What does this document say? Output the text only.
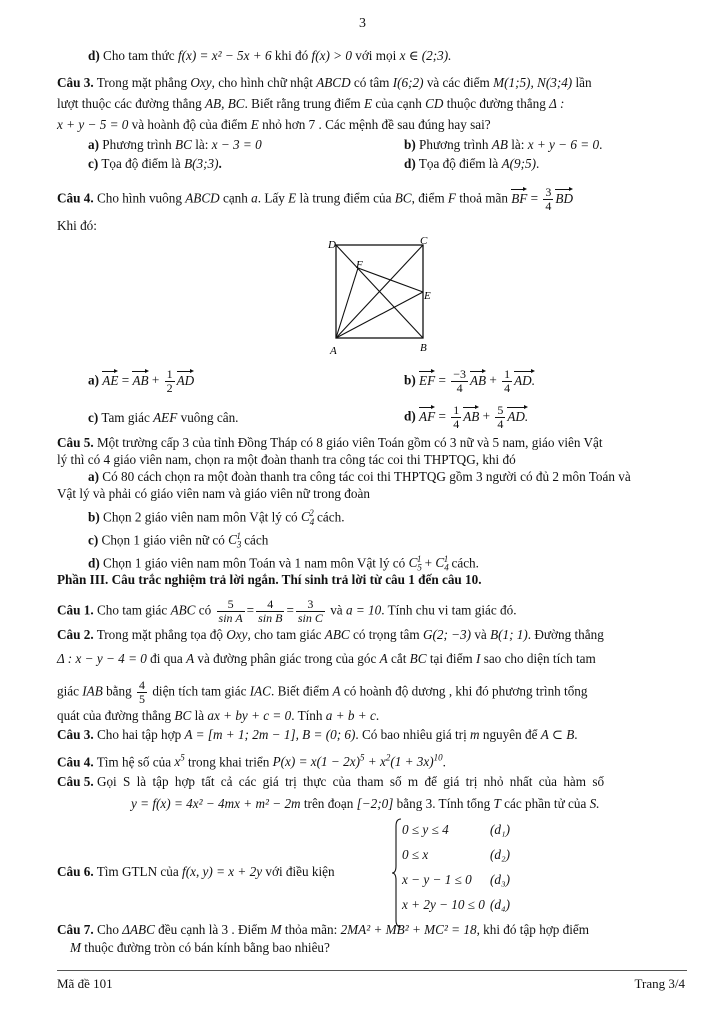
3
d) Cho tam thức f(x) = x² − 5x + 6 khi đó f(x) > 0 với mọi x ∈ (2;3).
Câu 3. Trong mặt phẳng Oxy, cho hình chữ nhật ABCD có tâm I(6;2) và các điểm M(1;5), N(3;4) lần
lượt thuộc các đường thẳng AB, BC. Biết rằng trung điểm E của cạnh CD thuộc đường thẳng Δ :
x + y − 5 = 0 và hoành độ của điểm E nhỏ hơn 7 . Các mệnh đề sau đúng hay sai?
a) Phương trình BC là: x − 3 = 0	b) Phương trình AB là: x + y − 6 = 0.
c) Tọa độ điểm là B(3;3).	d) Tọa độ điểm là A(9;5).
Câu 4. Cho hình vuông ABCD cạnh a. Lấy E là trung điểm của BC, điểm F thoả mãn BF = $\frac{3}{4}$ BD
Khi đó:
D	C
F
E
A	B
a) AE = AB + $\frac{1}{2}$ AD	b) EF = $\frac{-3}{4}$ AB + $\frac{1}{4}$ AD.
c) Tam giác AEF vuông cân.	d) AF = $\frac{1}{4}$ AB + $\frac{5}{4}$ AD.
Câu 5. Một trường cấp 3 của tỉnh Đồng Tháp có 8 giáo viên Toán gồm có 3 nữ và 5 nam, giáo viên Vật
lý thì có 4 giáo viên nam, chọn ra một đoàn thanh tra công tác coi thi THPTQG, khi đó
a) Có 80 cách chọn ra một đoàn thanh tra công tác coi thi THPTQG gồm 3 người có đủ 2 môn Toán và
Vật lý và phải có giáo viên nam và giáo viên nữ trong đoàn
b) Chọn 2 giáo viên nam môn Vật lý có $C_4^2$ cách.
c) Chọn 1 giáo viên nữ có $C_3^1$ cách
d) Chọn 1 giáo viên nam môn Toán và 1 nam môn Vật lý có $C_5^1 + C_4^1$ cách.
Phần III. Câu trắc nghiệm trả lời ngắn. Thí sinh trả lời từ câu 1 đến câu 10.
Câu 1. Cho tam giác ABC có $\frac{5}{\text{sin A}} = \frac{4}{\text{sin B}} = \frac{3}{\text{sin C}}$ và a = 10. Tính chu vi tam giác đó.
Câu 2. Trong mặt phẳng tọa độ Oxy, cho tam giác ABC có trọng tâm G(2; −3) và B(1; 1). Đường thẳng
Δ : x − y − 4 = 0 đi qua A và đường phân giác trong của góc A cắt BC tại điểm I sao cho diện tích tam
giác IAB bằng $\frac{4}{5}$ diện tích tam giác IAC. Biết điểm A có hoành độ dương , khi đó phương trình tổng
quát của đường thẳng BC là ax + by + c = 0. Tính a + b + c.
Câu 3. Cho hai tập hợp A = [m + 1; 2m − 1], B = (0; 6). Có bao nhiêu giá trị m nguyên để A ⊂ B.
Câu 4. Tìm hệ số của $x^5$ trong khai triển $P(x) = x(1 - 2x)^5 + x^2(1 + 3x)^{10}$.
Câu 5. Gọi S là tập hợp tất cả các giá trị thực của tham số m để giá trị nhỏ nhất của hàm số
y = f(x) = 4x² − 4mx + m² − 2m trên đoạn [−2;0] bằng 3. Tính tổng T các phần tử của S.
Câu 6. Tìm GTLN của f(x, y) = x + 2y với điều kiện
0 ≤ y ≤ 4	(d₁)
0 ≤ x	(d₂)
x − y − 1 ≤ 0 (d₃)
x + 2y − 10 ≤ 0 (d₄)
Câu 7. Cho ΔABC đều cạnh là 3 . Điểm M thỏa mãn: 2MA² + MB² + MC² = 18, khi đó tập hợp điểm
M thuộc đường tròn có bán kính bằng bao nhiêu?
Mã đề 101	Trang 3/4
